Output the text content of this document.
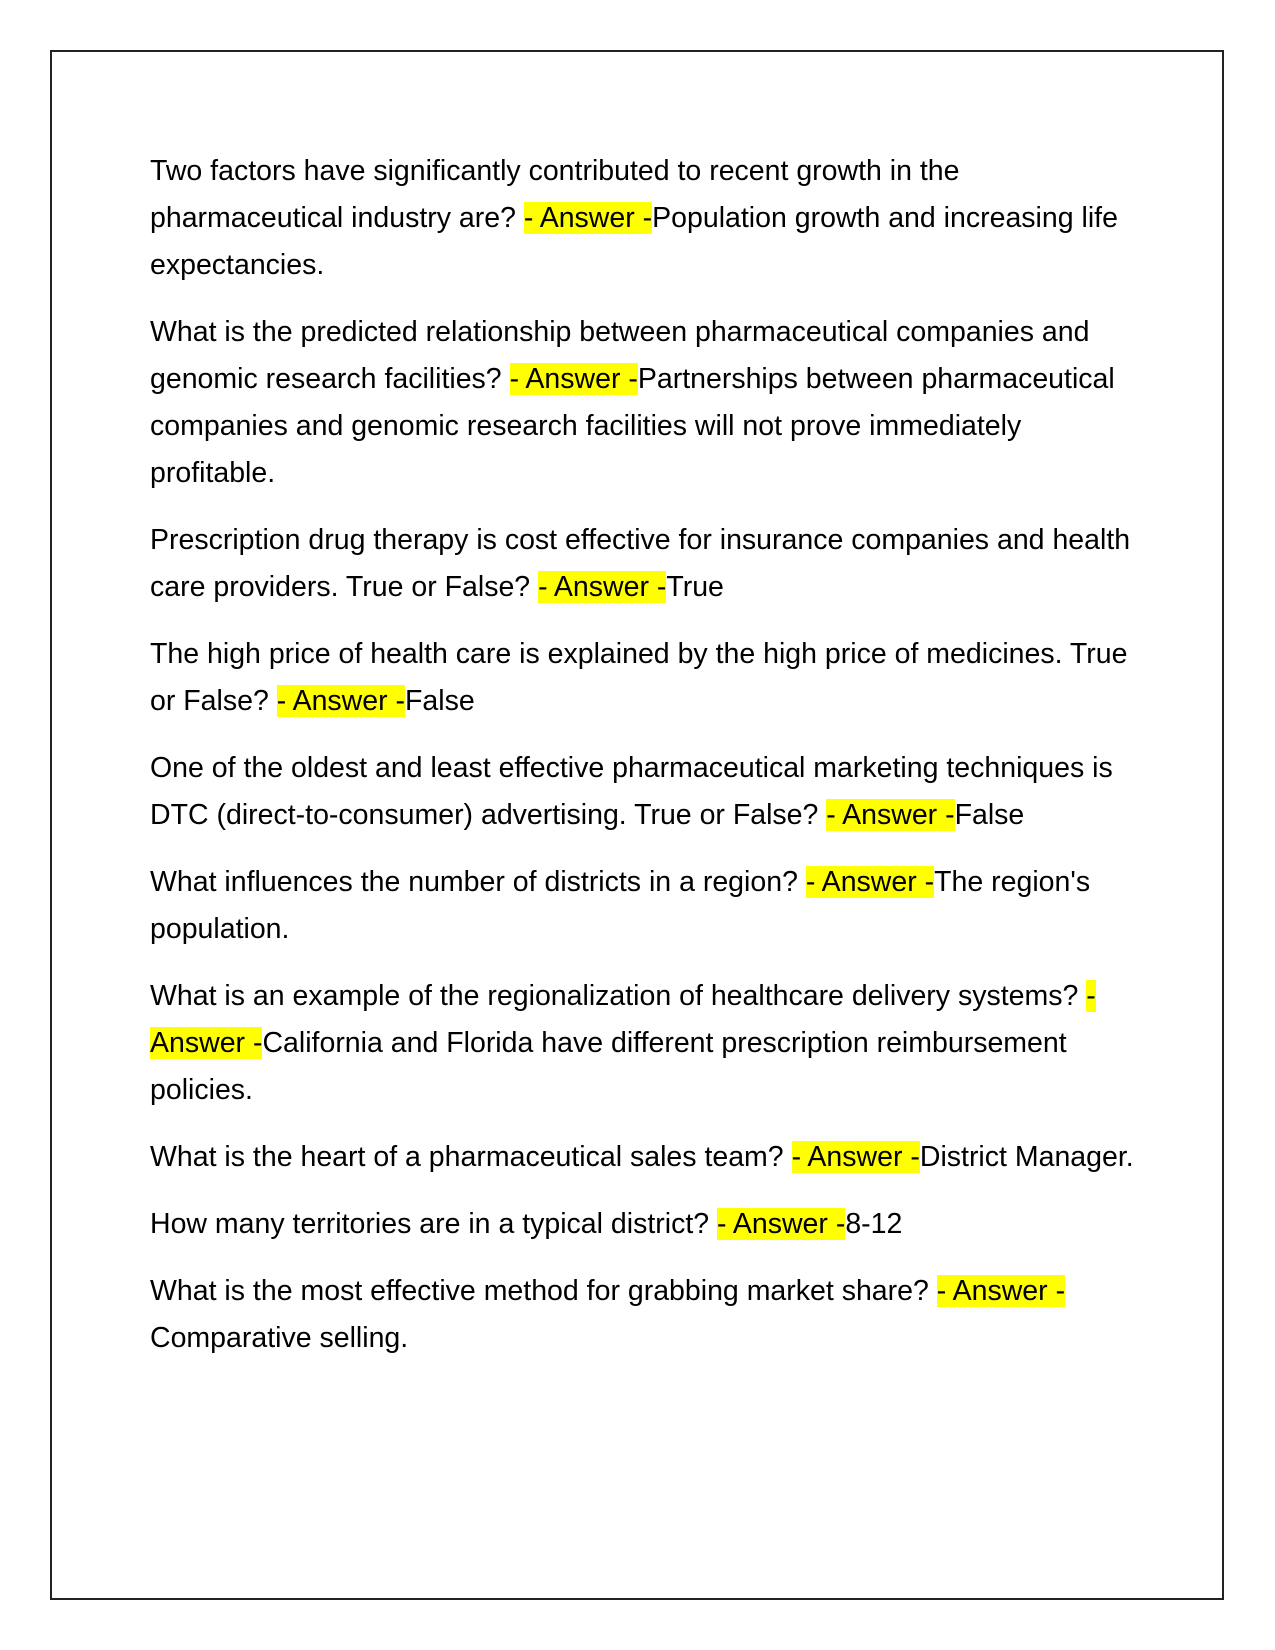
Two factors have significantly contributed to recent growth in the pharmaceutical industry are? - Answer -Population growth and increasing life expectancies.

What is the predicted relationship between pharmaceutical companies and genomic research facilities? - Answer -Partnerships between pharmaceutical companies and genomic research facilities will not prove immediately profitable.

Prescription drug therapy is cost effective for insurance companies and health care providers. True or False? - Answer -True

The high price of health care is explained by the high price of medicines. True or False? - Answer -False

One of the oldest and least effective pharmaceutical marketing techniques is DTC (direct-to-consumer) advertising. True or False? - Answer -False

What influences the number of districts in a region? - Answer -The region's population.

What is an example of the regionalization of healthcare delivery systems? - Answer -California and Florida have different prescription reimbursement policies.

What is the heart of a pharmaceutical sales team? - Answer -District Manager.

How many territories are in a typical district? - Answer -8-12

What is the most effective method for grabbing market share? - Answer -Comparative selling.
